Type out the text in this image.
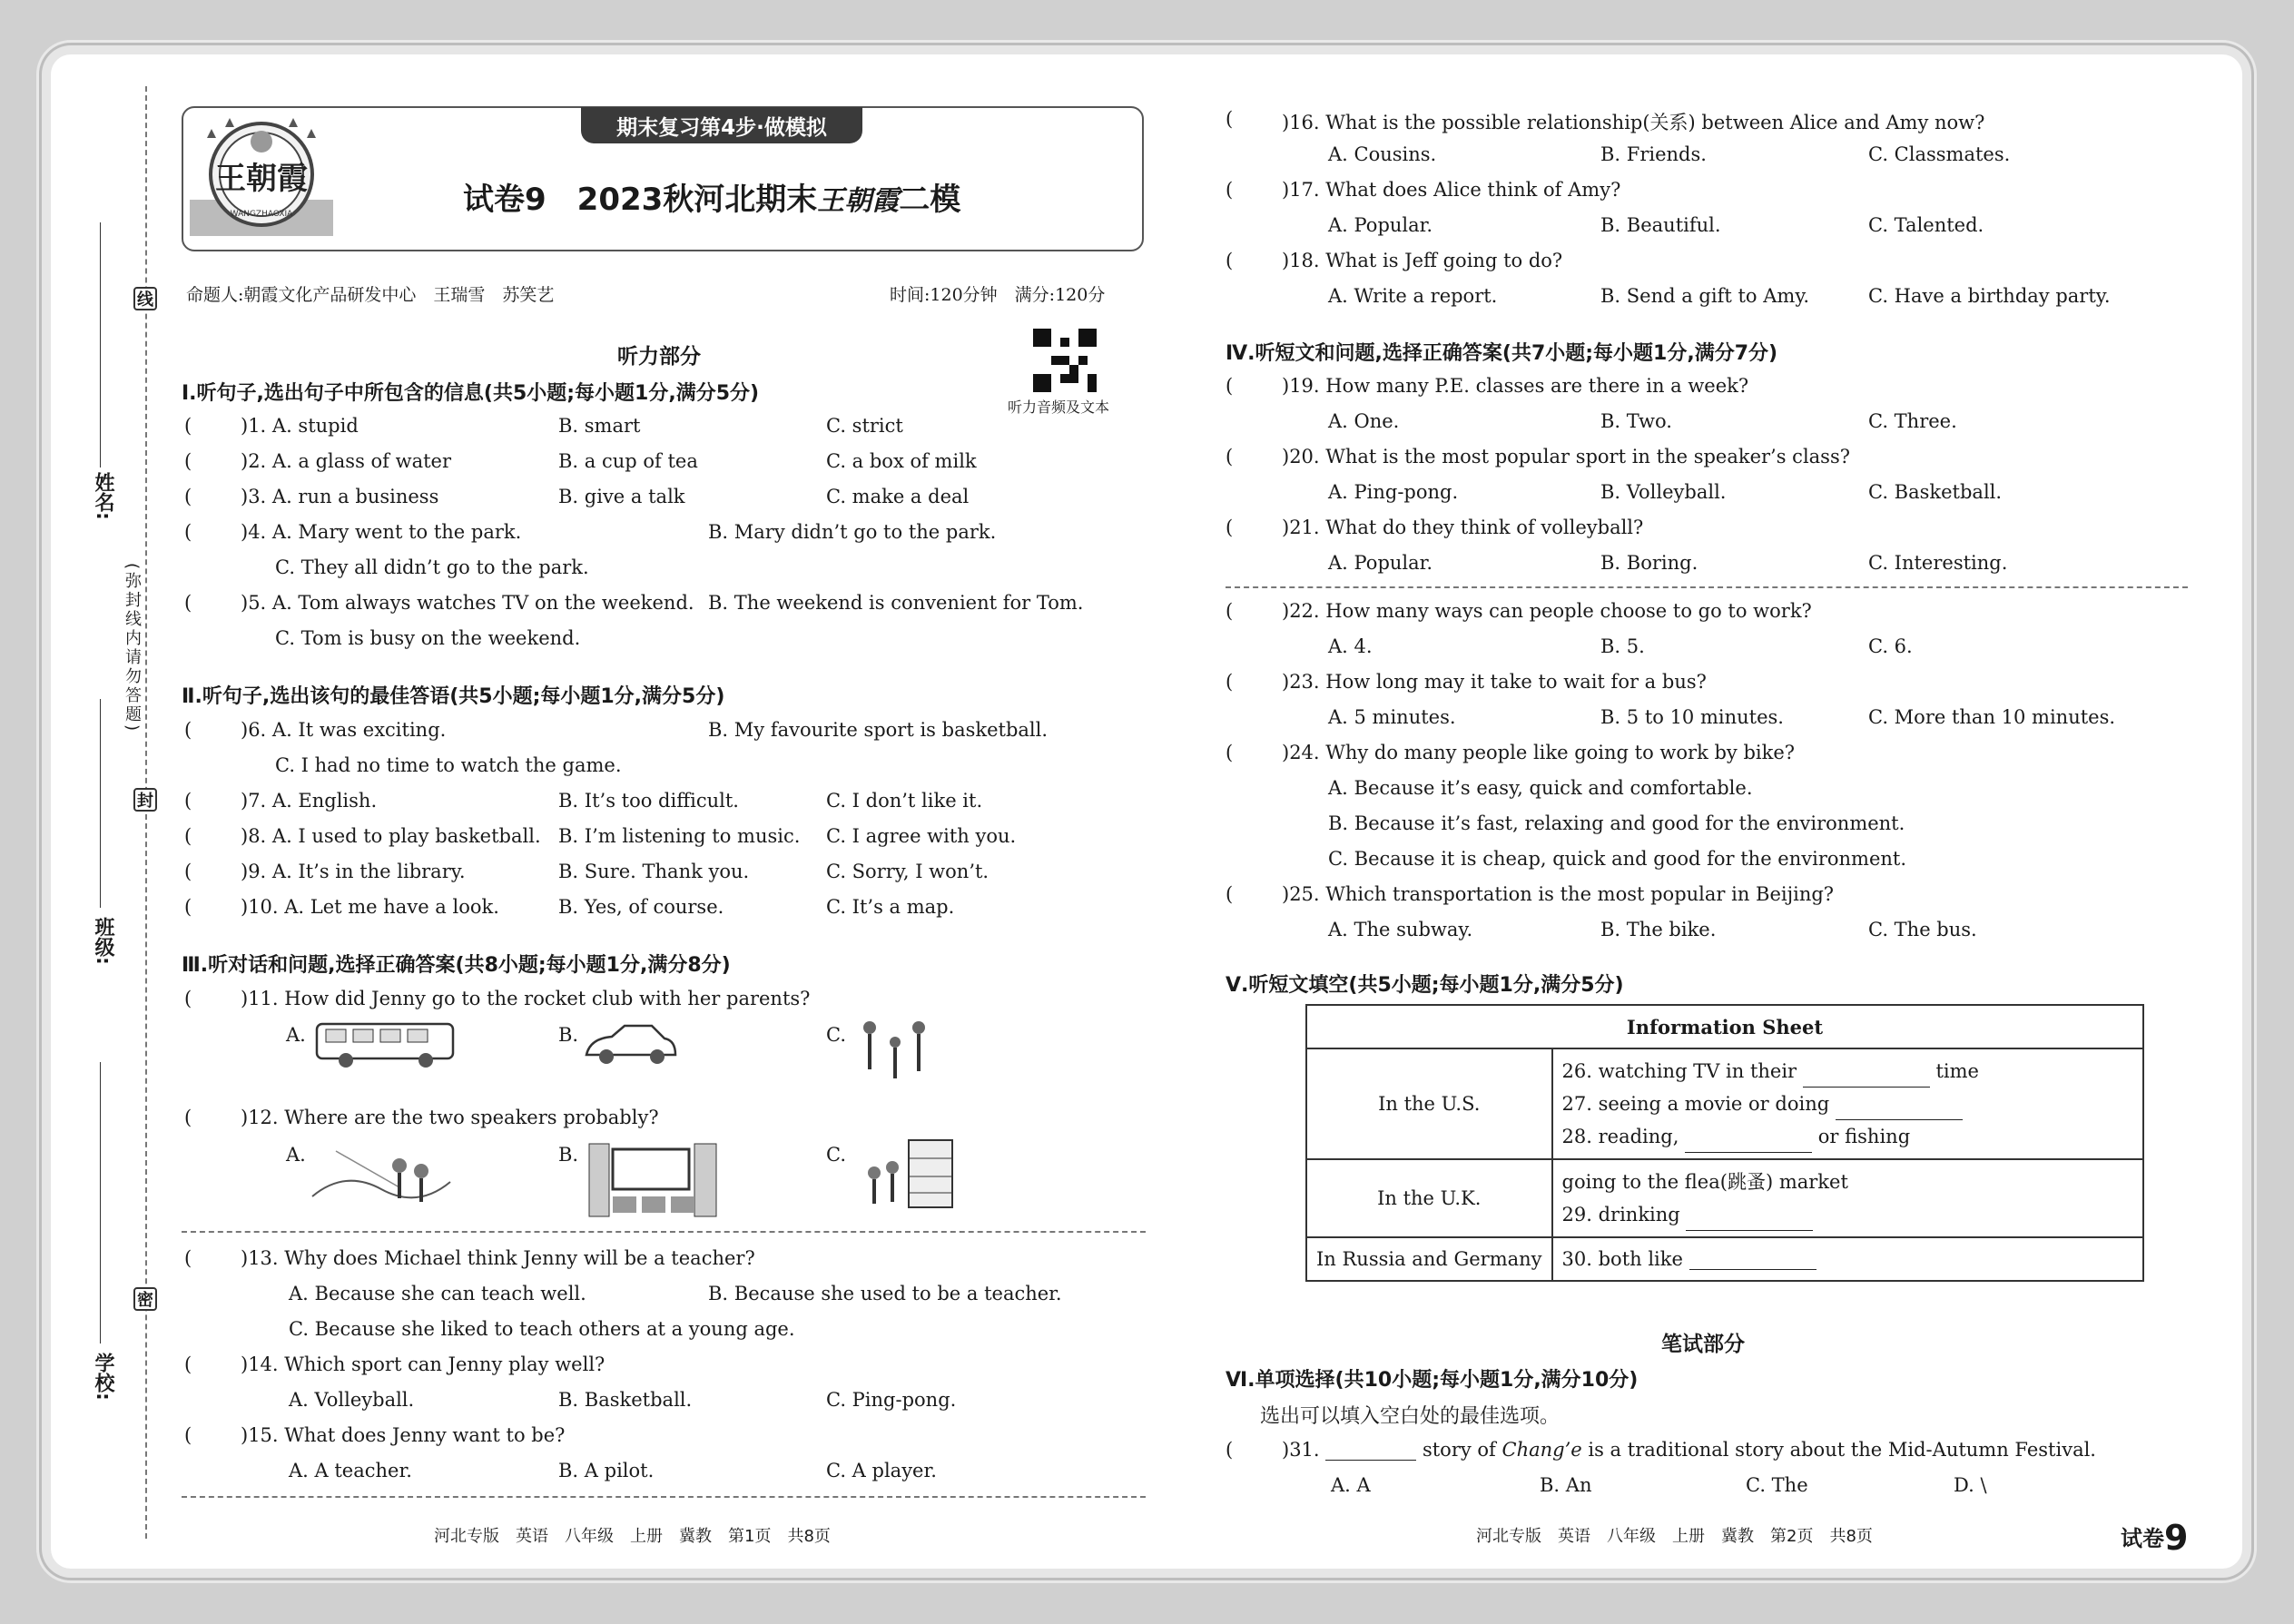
线
封
密
姓名:
班级:
学校:
(弥封线内请勿答题)
期末复习第4步·做模拟
王朝霞
WANGZHAOXIA	试卷9　2023秋河北期末王朝霞二模
命题人:朝霞文化产品研发中心　王瑞雪　苏笑艺	时间:120分钟　满分:120分
听力部分
听力音频及文本
Ⅰ.听句子,选出句子中所包含的信息(共5小题;每小题1分,满分5分)
(	)1. A. stupid	B. smart	C. strict
(	)2. A. a glass of water	B. a cup of tea	C. a box of milk
(	)3. A. run a business	B. give a talk	C. make a deal
(	)4. A. Mary went to the park.	B. Mary didn’t go to the park.
C. They all didn’t go to the park.
(	)5. A. Tom always watches TV on the weekend. B. The weekend is convenient for Tom.
C. Tom is busy on the weekend.
Ⅱ.听句子,选出该句的最佳答语(共5小题;每小题1分,满分5分)
(	)6. A. It was exciting.	B. My favourite sport is basketball.
C. I had no time to watch the game.
(	)7. A. English.	B. It’s too difficult.	C. I don’t like it.
(	)8. A. I used to play basketball. B. I’m listening to music. C. I agree with you.
(	)9. A. It’s in the library.	B. Sure. Thank you.	C. Sorry, I won’t.
(	)10. A. Let me have a look.	B. Yes, of course.	C. It’s a map.
Ⅲ.听对话和问题,选择正确答案(共8小题;每小题1分,满分8分)
(	)11. How did Jenny go to the rocket club with her parents?
A.	B.	C.
(	)12. Where are the two speakers probably?
A.	B.	C.
(	)13. Why does Michael think Jenny will be a teacher?
A. Because she can teach well.	B. Because she used to be a teacher.
C. Because she liked to teach others at a young age.
(	)14. Which sport can Jenny play well?
A. Volleyball.	B. Basketball.	C. Ping-pong.
(	)15. What does Jenny want to be?
A. A teacher.	B. A pilot.	C. A player.
河北专版　英语　八年级　上册　冀教　第1页　共8页
(	)16. What is the possible relationship(关系) between Alice and Amy now?
A. Cousins.	B. Friends.	C. Classmates.
(	)17. What does Alice think of Amy?
A. Popular.	B. Beautiful.	C. Talented.
(	)18. What is Jeff going to do?
A. Write a report.	B. Send a gift to Amy.	C. Have a birthday party.
Ⅳ.听短文和问题,选择正确答案(共7小题;每小题1分,满分7分)
(	)19. How many P.E. classes are there in a week?
A. One.	B. Two.	C. Three.
(	)20. What is the most popular sport in the speaker’s class?
A. Ping-pong.	B. Volleyball.	C. Basketball.
(	)21. What do they think of volleyball?
A. Popular.	B. Boring.	C. Interesting.
(	)22. How many ways can people choose to go to work?
A. 4.	B. 5.	C. 6.
(	)23. How long may it take to wait for a bus?
A. 5 minutes.	B. 5 to 10 minutes.	C. More than 10 minutes.
(	)24. Why do many people like going to work by bike?
A. Because it’s easy, quick and comfortable.
B. Because it’s fast, relaxing and good for the environment.
C. Because it is cheap, quick and good for the environment.
(	)25. Which transportation is the most popular in Beijing?
A. The subway.	B. The bike.	C. The bus.
Ⅴ.听短文填空(共5小题;每小题1分,满分5分)
Information Sheet	
In the U.S.	26. watching TV in their time
27. seeing a movie or doing
28. reading, or fishing

In the U.K.	going to the flea(跳蚤) market
29. drinking

In Russia and Germany	30. both like
笔试部分
Ⅵ.单项选择(共10小题;每小题1分,满分10分)
选出可以填入空白处的最佳选项。
(	)31.	story of Chang’e is a traditional story about the Mid-Autumn Festival.
A. A	B. An	C. The	D. \
河北专版　英语　八年级　上册　冀教　第2页　共8页	试卷9
